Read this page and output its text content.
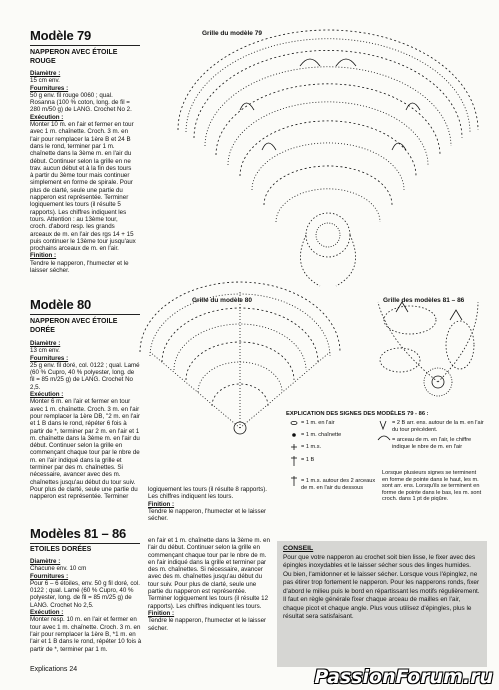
Modèle 79

NAPPERON AVEC ÉTOILE
ROUGE

Diamètre :

15 cm env.

Fournitures :

50 g env. fil rouge 0060 ; qual. Rosanna (100 % coton, long. de fil = 280 m/50 g) de LANG. Crochet No 2.

Exécution :

Monter 10 m. en l'air et fermer en tour avec 1 m. chaînette. Croch. 3 m. en l'air pour remplacer la 1ère B et 24 B dans le rond, terminer par 1 m. chaînette dans la 3ème m. en l'air du début. Continuer selon la grille en ne trav. aucun début et à la fin des tours à partir du 3ème tour mais continuer simplement en forme de spirale. Pour plus de clarté, seule une partie du napperon est représentée. Terminer logiquement les tours (il résulte 5 rapports). Les chiffres indiquent les tours. Attention : au 13ème tour, croch. d'abord resp. les grands arceaux de m. en l'air des rgs 14 + 15 puis continuer le 13ème tour jusqu'aux prochains arceaux de m. en l'air.

Finition :

Tendre le napperon, l'humecter et le laisser sécher.

Modèle 80

NAPPERON AVEC ÉTOILE
DORÉE

Diamètre :

13 cm env.

Fournitures :

25 g env. fil doré, col. 0122 ; qual. Lamé (60 % Cupro, 40 % polyester, long. de fil = 85 m/25 g) de LANG. Crochet No 2,5.

Exécution :

Monter 6 m. en l'air et fermer en tour avec 1 m. chaînette. Croch. 3 m. en l'air pour remplacer la 1ère DB, "2 m. en l'air et 1 B dans le rond, répéter 6 fois à partir de *, terminer par 2 m. en l'air et 1 m. chaînette dans la 3ème m. en l'air du début. Continuer selon la grille en commençant chaque tour par le nbre de m. en l'air indiqué dans la grille et terminer par des m. chaînettes. Si nécessaire, avancer avec des m. chaînettes jusqu'au début du tour suiv. Pour plus de clarté, seule une partie du napperon est représentée. Terminer

logiquement les tours (il résulte 8 rapports). Les chiffres indiquent les tours.

Finition :

Tendre le napperon, l'humecter et le laisser sécher.

Modèles 81 – 86

ETOILES DORÉES

Diamètre :

Chacune env. 10 cm

Fournitures :

Pour 6 – 6 étoiles, env. 50 g fil doré, col. 0122 ; qual. Lamé (60 % Cupro, 40 % polyester, long. de fil = 85 m/25 g) de LANG. Crochet No 2,5.

Exécution :

Monter resp. 10 m. en l'air et fermer en tour avec 1 m. chaînette. Croch. 3 m. en l'air pour remplacer la 1ère B, *1 m. en l'air et 1 B dans le rond, répéter 10 fois à partir de *, terminer par 1 m.

en l'air et 1 m. chaînette dans la 3ème m. en l'air du début. Continuer selon la grille en commençant chaque tour par le nbre de m. en l'air indiqué dans la grille et terminer par des m. chaînettes. Si nécessaire, avancer avec des m. chaînettes jusqu'au début du tour suiv. Pour plus de clarté, seule une partie du napperon est représentée. Terminer logiquement les tours (il résulte 12 rapports). Les chiffres indiquent les tours.

Finition :

Tendre le napperon, l'humecter et le laisser sécher.

Grille du modèle 79
Grille du modèle 80	Grille des modèles 81 – 86
EXPLICATION DES SIGNES DES MODÈLES 79 - 86 :
= 1 m. en l'air
= 1 m. chaînette
= 1 m.s.
= 1 B
= 1 m.s. autour des 2 arceaux de m. en l'air du dessous
= 2 B arr. ens. autour de la m. en l'air du tour précédent.
= arceau de m. en l'air, le chiffre indique le nbre de m. en l'air
Lorsque plusieurs signes se terminent en forme de pointe dans le haut, les m. sont arr. ens. Lorsqu'ils se terminent en forme de pointe dans le bas, les m. sont croch. dans 1 pt de piqûre.
CONSEIL
Pour que votre napperon au crochet soit bien lisse, le fixer avec des épingles inoxydables et le laisser sécher sous des linges humides. Ou bien, l'amidonner et le laisser sécher. Lorsque vous l'épinglez, ne pas étirer trop fortement le napperon. Pour les napperons ronds, fixer d'abord le milieu puis le bord en répartissant les motifs régulièrement. Il faut en règle générale fixer chaque arceau de mailles en l'air, chaque picot et chaque angle. Plus vous utilisez d'épingles, plus le résultat sera satisfaisant.
Explications 24	PassionForum.ru
